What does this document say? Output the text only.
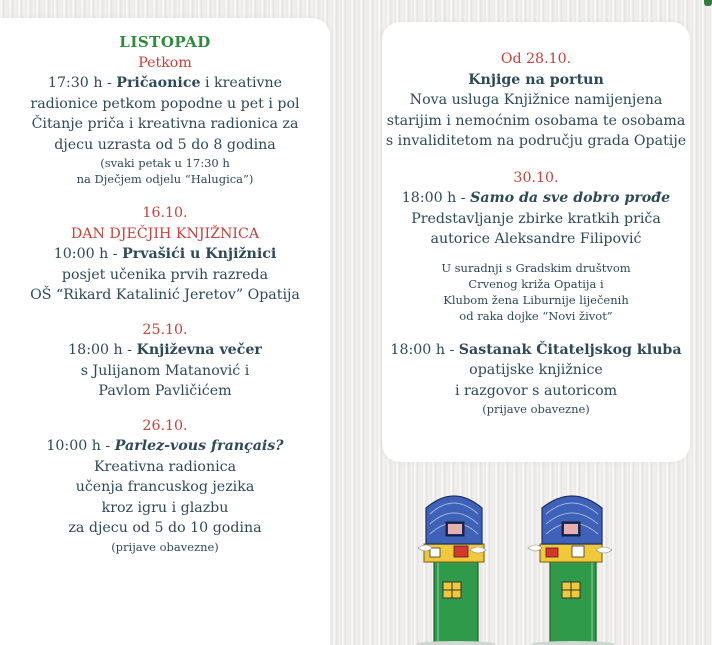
LISTOPAD
Petkom
17:30 h - Pričaonice i kreativne
radionice petkom popodne u pet i pol
Čitanje priča i kreativna radionica za
djecu uzrasta od 5 do 8 godina
(svaki petak u 17:30 h
na Dječjem odjelu “Halugica”)
16.10.
DAN DJEČJIH KNJIŽNICA
10:00 h - Prvašići u Knjižnici
posjet učenika prvih razreda
OŠ “Rikard Katalinić Jeretov” Opatija
25.10.
18:00 h - Književna večer
s Julijanom Matanović i
Pavlom Pavličićem
26.10.
10:00 h - Parlez-vous français?
Kreativna radionica
učenja francuskog jezika
kroz igru i glazbu
za djecu od 5 do 10 godina
(prijave obavezne)
Od 28.10.
Knjige na portun
Nova usluga Knjižnice namijenjena
starijim i nemoćnim osobama te osobama
s invaliditetom na području grada Opatije
30.10.
18:00 h - Samo da sve dobro prođe
Predstavljanje zbirke kratkih priča
autorice Aleksandre Filipović
U suradnji s Gradskim društvom
Crvenog križa Opatija i
Klubom žena Liburnije liječenih
od raka dojke “Novi život”
18:00 h - Sastanak Čitateljskog kluba
opatijske knjižnice
i razgovor s autoricom
(prijave obavezne)
